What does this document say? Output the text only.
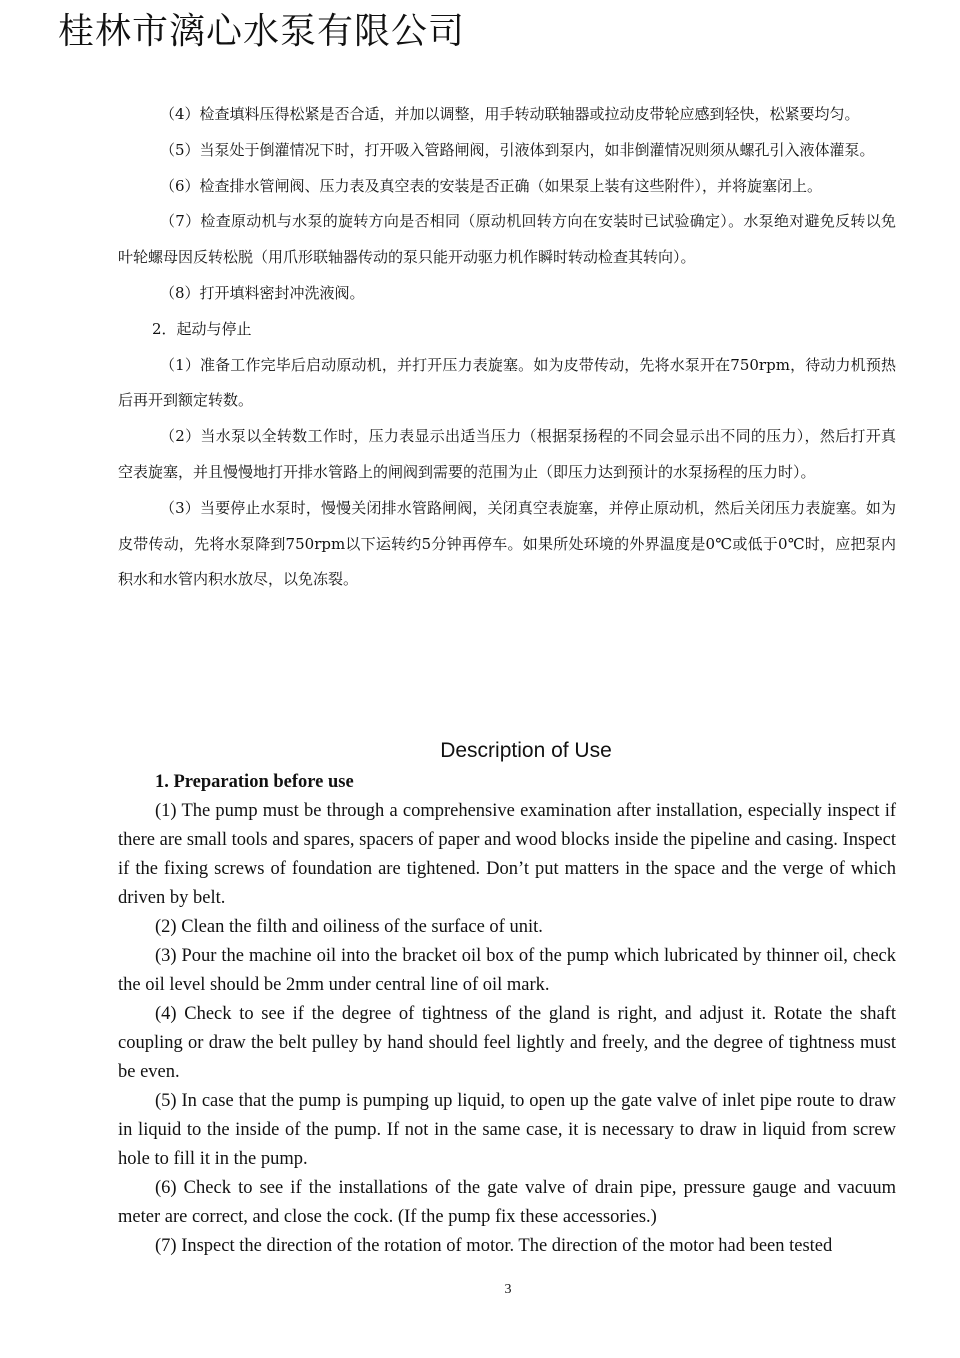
桂林市漓心水泵有限公司

（4）检查填料压得松紧是否合适，并加以调整，用手转动联轴器或拉动皮带轮应感到轻快，松紧要均匀。

（5）当泵处于倒灌情况下时，打开吸入管路闸阀，引液体到泵内，如非倒灌情况则须从螺孔引入液体灌泵。

（6）检查排水管闸阀、压力表及真空表的安装是否正确（如果泵上装有这些附件），并将旋塞闭上。

（7）检查原动机与水泵的旋转方向是否相同（原动机回转方向在安装时已试验确定）。水泵绝对避免反转以免叶轮螺母因反转松脱（用爪形联轴器传动的泵只能开动驱力机作瞬时转动检查其转向）。

（8）打开填料密封冲洗液阀。

2．起动与停止

（1）准备工作完毕后启动原动机，并打开压力表旋塞。如为皮带传动，先将水泵开在750rpm，待动力机预热后再开到额定转数。

（2）当水泵以全转数工作时，压力表显示出适当压力（根据泵扬程的不同会显示出不同的压力），然后打开真空表旋塞，并且慢慢地打开排水管路上的闸阀到需要的范围为止（即压力达到预计的水泵扬程的压力时）。

（3）当要停止水泵时，慢慢关闭排水管路闸阀，关闭真空表旋塞，并停止原动机，然后关闭压力表旋塞。如为皮带传动，先将水泵降到750rpm以下运转约5分钟再停车。如果所处环境的外界温度是0℃或低于0℃时，应把泵内积水和水管内积水放尽，以免冻裂。

Description of Use

1. Preparation before use

(1) The pump must be through a comprehensive examination after installation, especially inspect if there are small tools and spares, spacers of paper and wood blocks inside the pipeline and casing. Inspect if the fixing screws of foundation are tightened. Don’t put matters in the space and the verge of which driven by belt.

(2) Clean the filth and oiliness of the surface of unit.

(3) Pour the machine oil into the bracket oil box of the pump which lubricated by thinner oil, check the oil level should be 2mm under central line of oil mark.

(4) Check to see if the degree of tightness of the gland is right, and adjust it. Rotate the shaft coupling or draw the belt pulley by hand should feel lightly and freely, and the degree of tightness must be even.

(5) In case that the pump is pumping up liquid, to open up the gate valve of inlet pipe route to draw in liquid to the inside of the pump. If not in the same case, it is necessary to draw in liquid from screw hole to fill it in the pump.

(6) Check to see if the installations of the gate valve of drain pipe, pressure gauge and vacuum meter are correct, and close the cock. (If the pump fix these accessories.)

(7) Inspect the direction of the rotation of motor. The direction of the motor had been tested

3
